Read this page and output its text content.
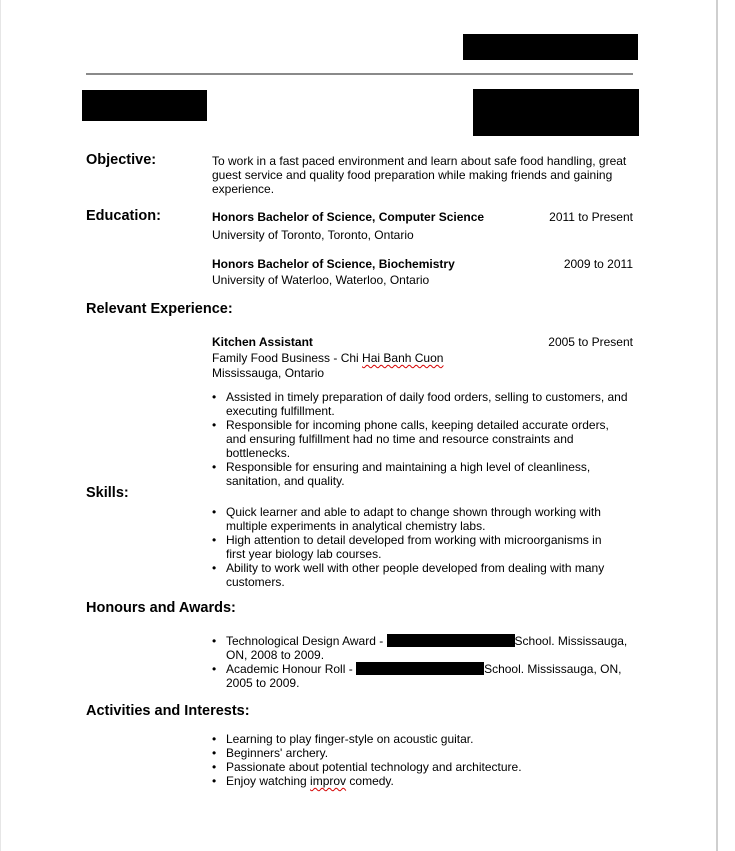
Objective:	To work in a fast paced environment and learn about safe food handling, great guest service and quality food preparation while making friends and gaining experience.
Education:	Honors Bachelor of Science, Computer Science	2011 to Present
University of Toronto, Toronto, Ontario
Honors Bachelor of Science, Biochemistry	2009 to 2011
University of Waterloo, Waterloo, Ontario
Relevant Experience:
Kitchen Assistant	2005 to Present
Family Food Business - Chi Hai Banh Cuon
Mississauga, Ontario
• Assisted in timely preparation of daily food orders, selling to customers, and executing fulfillment.
• Responsible for incoming phone calls, keeping detailed accurate orders, and ensuring fulfillment had no time and resource constraints and bottlenecks.
• Responsible for ensuring and maintaining a high level of cleanliness, sanitation, and quality.
Skills:
• Quick learner and able to adapt to change shown through working with multiple experiments in analytical chemistry labs.
• High attention to detail developed from working with microorganisms in first year biology lab courses.
• Ability to work well with other people developed from dealing with many customers.
Honours and Awards:
• Technological Design Award -	School. Mississauga, ON, 2008 to 2009.
• Academic Honour Roll -	School. Mississauga, ON, 2005 to 2009.
Activities and Interests:
• Learning to play finger-style on acoustic guitar.
• Beginners' archery.
• Passionate about potential technology and architecture.
• Enjoy watching improv comedy.
